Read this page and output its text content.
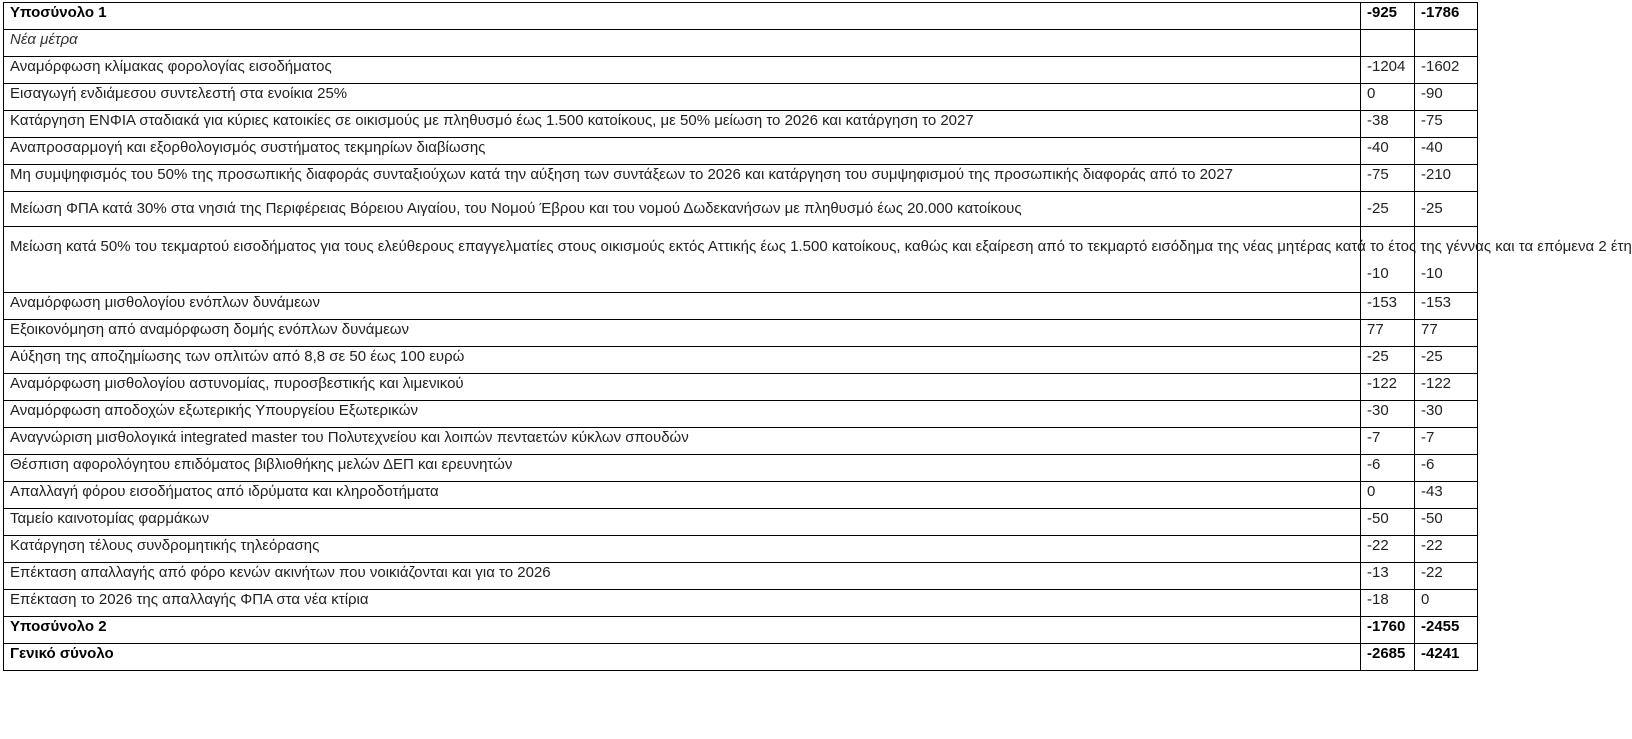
Υποσύνολο 1	-925	-1786
Νέα μέτρα		
Αναμόρφωση κλίμακας φορολογίας εισοδήματος	-1204	-1602
Εισαγωγή ενδιάμεσου συντελεστή στα ενοίκια 25%	0	-90
Κατάργηση ΕΝΦΙΑ σταδιακά για κύριες κατοικίες σε οικισμούς με πληθυσμό έως 1.500 κατοίκους, με 50% μείωση το 2026 και κατάργηση το 2027	-38	-75
Αναπροσαρμογή και εξορθολογισμός συστήματος τεκμηρίων διαβίωσης	-40	-40
Μη συμψηφισμός του 50% της προσωπικής διαφοράς συνταξιούχων κατά την αύξηση των συντάξεων το 2026 και κατάργηση του συμψηφισμού της προσωπικής διαφοράς από το 2027	-75	-210
Μείωση ΦΠΑ κατά 30% στα νησιά της Περιφέρειας Βόρειου Αιγαίου, του Νομού Έβρου και του νομού Δωδεκανήσων με πληθυσμό έως 20.000 κατοίκους	-25	-25
Μείωση κατά 50% του τεκμαρτού εισοδήματος για τους ελεύθερους επαγγελματίες στους οικισμούς εκτός Αττικής έως 1.500 κατοίκους, καθώς και εξαίρεση από το τεκμαρτό εισόδημα της νέας μητέρας κατά το έτος της γέννας και τα επόμενα 2 έτη	-10	-10
Αναμόρφωση μισθολογίου ενόπλων δυνάμεων	-153	-153
Εξοικονόμηση από αναμόρφωση δομής ενόπλων δυνάμεων	77	77
Αύξηση της αποζημίωσης των οπλιτών από 8,8 σε 50 έως 100 ευρώ	-25	-25
Αναμόρφωση μισθολογίου αστυνομίας, πυροσβεστικής και λιμενικού	-122	-122
Αναμόρφωση αποδοχών εξωτερικής Υπουργείου Εξωτερικών	-30	-30
Αναγνώριση μισθολογικά integrated master του Πολυτεχνείου και λοιπών πενταετών κύκλων σπουδών	-7	-7
Θέσπιση αφορολόγητου επιδόματος βιβλιοθήκης μελών ΔΕΠ και ερευνητών	-6	-6
Απαλλαγή φόρου εισοδήματος από ιδρύματα και κληροδοτήματα	0	-43
Ταμείο καινοτομίας φαρμάκων	-50	-50
Κατάργηση τέλους συνδρομητικής τηλεόρασης	-22	-22
Επέκταση απαλλαγής από φόρο κενών ακινήτων που νοικιάζονται και για το 2026	-13	-22
Επέκταση το 2026 της απαλλαγής ΦΠΑ στα νέα κτίρια	-18	0
Υποσύνολο 2	-1760	-2455
Γενικό σύνολο	-2685	-4241
